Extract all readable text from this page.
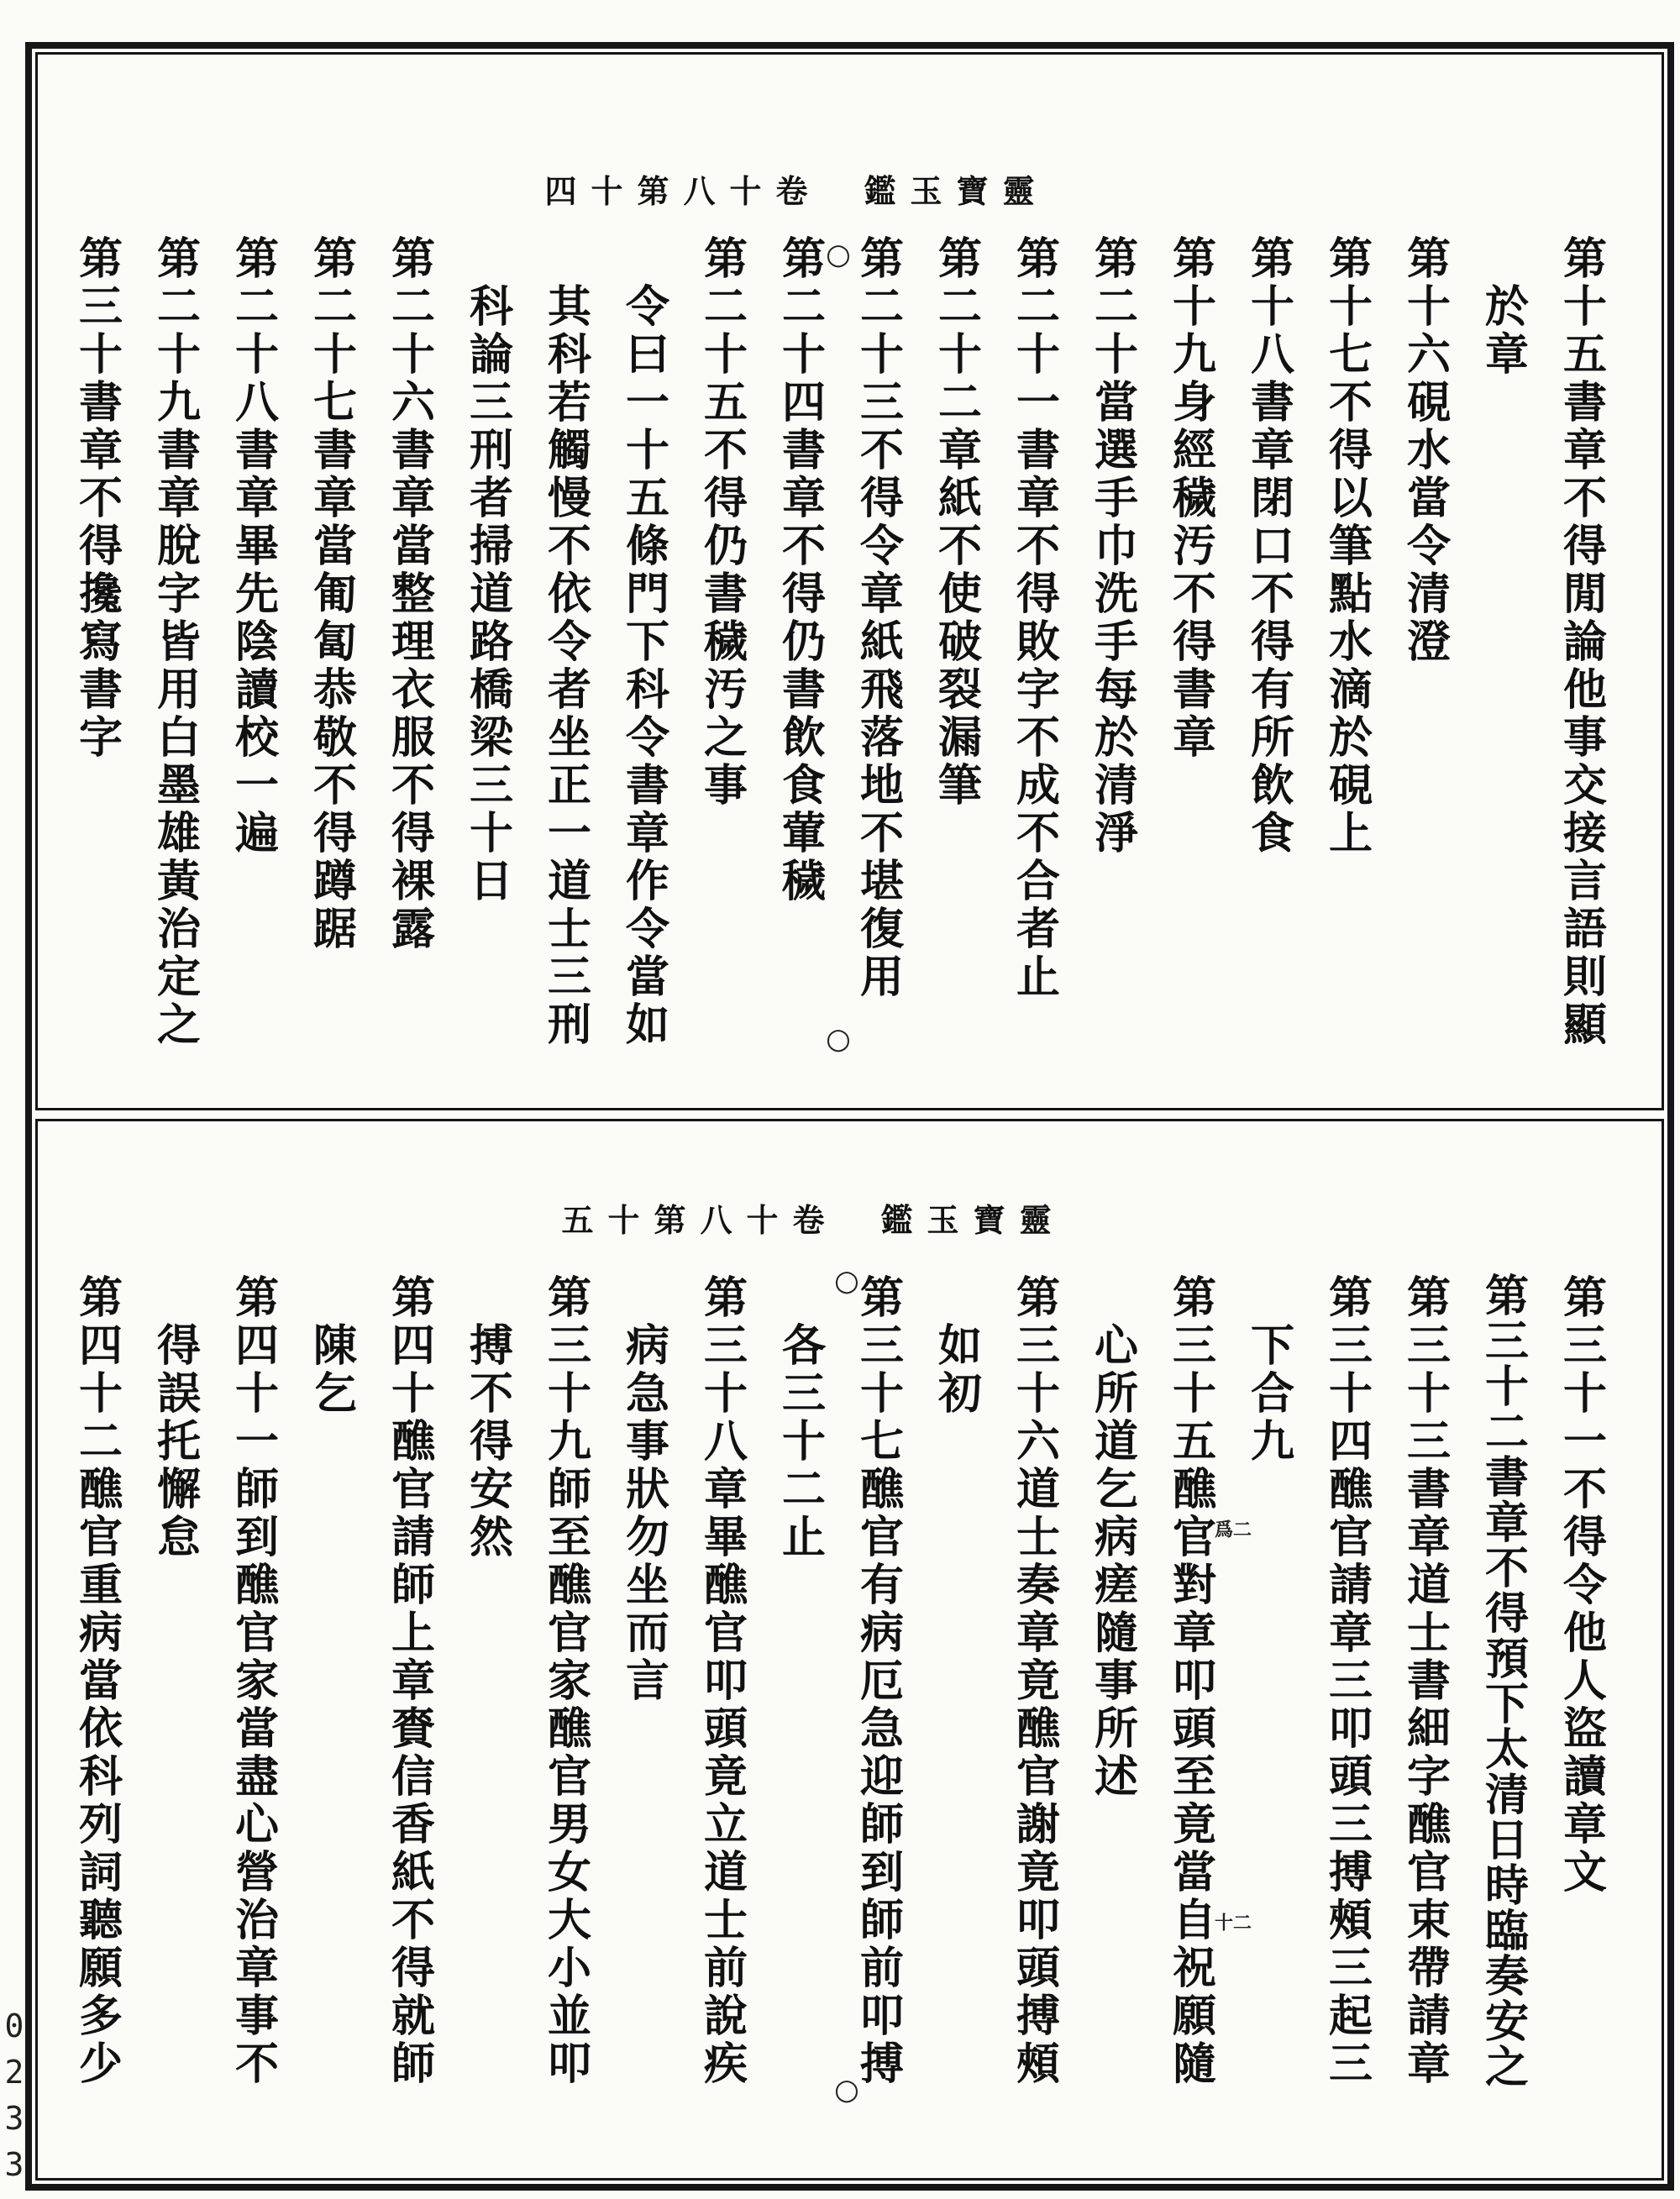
靈
寶
玉
鑑
卷
十
八
第
十
四
第
十
五
書
章
不
得
閒
論
他
事
交
接
言
語
則
顯
於
章
第
十
六
硯
水
當
令
清
澄
第
十
七
不
得
以
筆
點
水
滴
於
硯
上
第
十
八
書
章
閉
口
不
得
有
所
飲
食
第
十
九
身
經
穢
汚
不
得
書
章
第
二
十
當
選
手
巾
洗
手
每
於
清
淨
第
二
十
一
書
章
不
得
敗
字
不
成
不
合
者
止
第
二
十
二
章
紙
不
使
破
裂
漏
筆
第
二
十
三
不
得
令
章
紙
飛
落
地
不
堪
復
用
第
二
十
四
書
章
不
得
仍
書
飲
食
葷
穢
第
二
十
五
不
得
仍
書
穢
汚
之
事
令
曰
一
十
五
條
門
下
科
令
書
章
作
令
當
如
其
科
若
觸
慢
不
依
令
者
坐
正
一
道
士
三
刑
科
論
三
刑
者
掃
道
路
橋
梁
三
十
日
第
二
十
六
書
章
當
整
理
衣
服
不
得
裸
露
第
二
十
七
書
章
當
匍
匐
恭
敬
不
得
蹲
踞
第
二
十
八
書
章
畢
先
陰
讀
校
一
遍
第
二
十
九
書
章
脫
字
皆
用
白
墨
雄
黃
治
定
之
第
三
十
書
章
不
得
攙
寫
書
字
○
○
靈
寶
玉
鑑
卷
十
八
第
十
五
第
三
十
一
不
得
令
他
人
盜
讀
章
文
第
三
十
二
書
章
不
得
預
下
太
清
日
時
臨
奏
安
之
第
三
十
三
書
章
道
士
書
細
字
醮
官
束
帶
請
章
第
三
十
四
醮
官
請
章
三
叩
頭
三
搏
頰
三
起
三
下
合
九
第
三
十
五
醮
官
對
章
叩
頭
至
竟
當
自
祝
願
隨
心
所
道
乞
病
瘥
隨
事
所
述
第
三
十
六
道
士
奏
章
竟
醮
官
謝
竟
叩
頭
搏
頰
如
初
第
三
十
七
醮
官
有
病
厄
急
迎
師
到
師
前
叩
搏
各
三
十
二
止
第
三
十
八
章
畢
醮
官
叩
頭
竟
立
道
士
前
說
疾
病
急
事
狀
勿
坐
而
言
第
三
十
九
師
至
醮
官
家
醮
官
男
女
大
小
並
叩
搏
不
得
安
然
第
四
十
醮
官
請
師
上
章
賚
信
香
紙
不
得
就
師
陳
乞
第
四
十
一
師
到
醮
官
家
當
盡
心
營
治
章
事
不
得
誤
托
懈
怠
第
四
十
二
醮
官
重
病
當
依
科
列
詞
聽
願
多
少
○
○
爲二
十二
0
2
3
3
